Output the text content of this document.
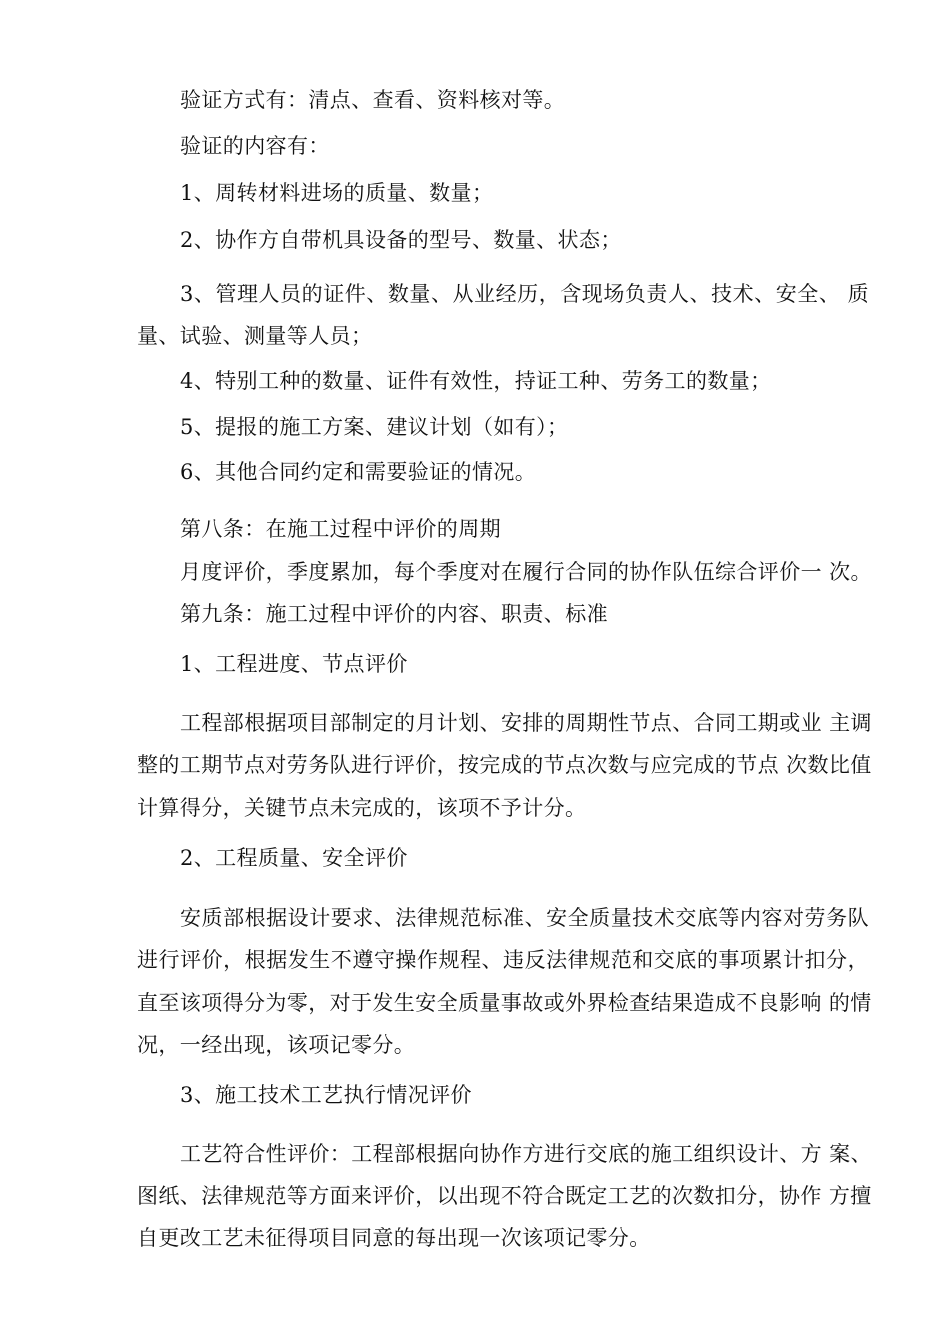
验证方式有：清点、查看、资料核对等。
验证的内容有：
1、周转材料进场的质量、数量；
2、协作方自带机具设备的型号、数量、状态；
3、管理人员的证件、数量、从业经历，含现场负责人、技术、安全、 质
量、试验、测量等人员；
4、特别工种的数量、证件有效性，持证工种、劳务工的数量；
5、提报的施工方案、建议计划（如有）；
6、其他合同约定和需要验证的情况。
第八条：在施工过程中评价的周期
月度评价，季度累加，每个季度对在履行合同的协作队伍综合评价一 次。
第九条：施工过程中评价的内容、职责、标准
1、工程进度、节点评价
工程部根据项目部制定的月计划、安排的周期性节点、合同工期或业 主调
整的工期节点对劳务队进行评价，按完成的节点次数与应完成的节点 次数比值
计算得分，关键节点未完成的，该项不予计分。
2、工程质量、安全评价
安质部根据设计要求、法律规范标准、安全质量技术交底等内容对劳务队
进行评价，根据发生不遵守操作规程、违反法律规范和交底的事项累计扣分，
直至该项得分为零，对于发生安全质量事故或外界检查结果造成不良影响 的情
况，一经出现，该项记零分。
3、施工技术工艺执行情况评价
工艺符合性评价：工程部根据向协作方进行交底的施工组织设计、方 案、
图纸、法律规范等方面来评价，以出现不符合既定工艺的次数扣分，协作 方擅
自更改工艺未征得项目同意的每出现一次该项记零分。
